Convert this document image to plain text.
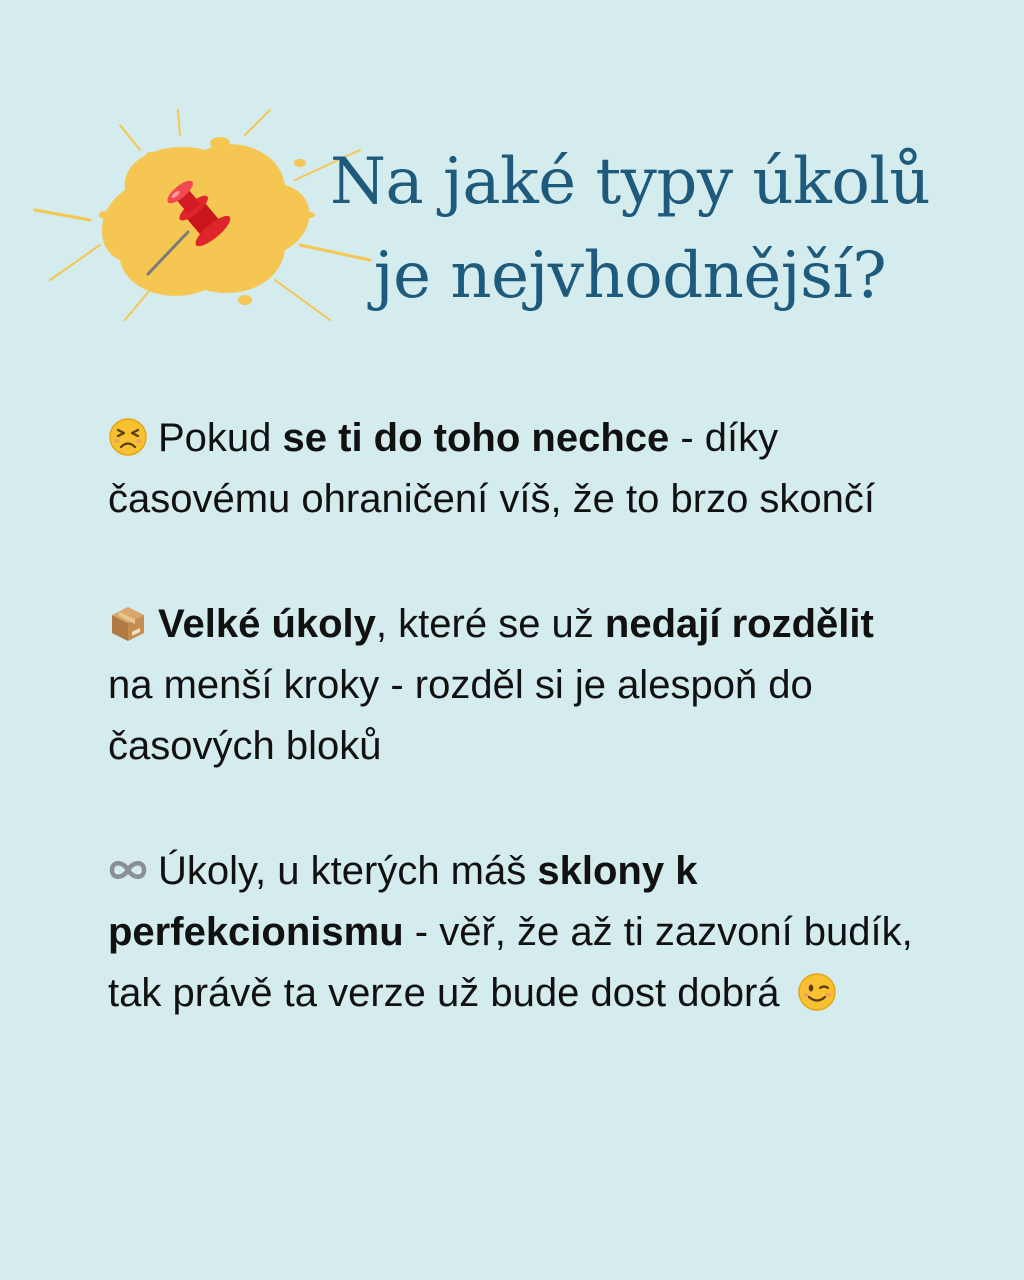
Na jaké typy úkolů
je nejvhodnější?
Pokud se ti do toho nechce - díky časovému ohraničení víš, že to brzo skončí
Velké úkoly, které se už nedají rozdělit na menší kroky - rozděl si je alespoň do časových bloků
Úkoly, u kterých máš sklony k perfekcionismu - věř, že až ti zazvoní budík, tak právě ta verze už bude dost dobrá
